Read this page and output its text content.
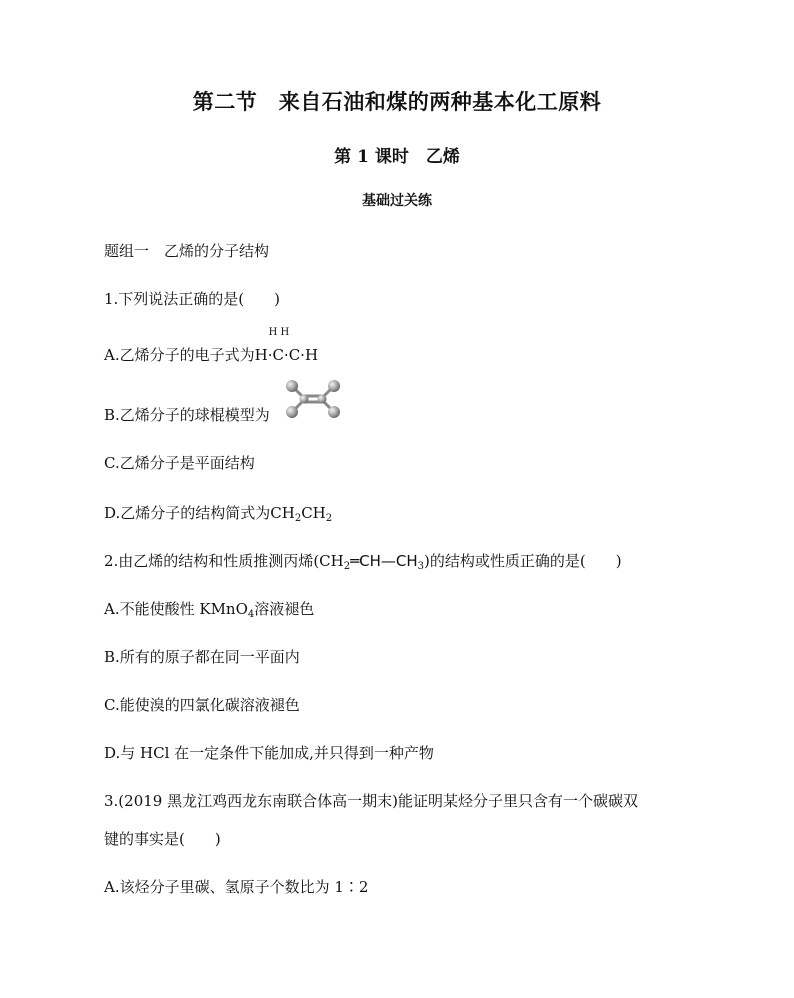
第二节　来自石油和煤的两种基本化工原料
第 1 课时　乙烯
基础过关练
题组一　乙烯的分子结构
1.下列说法正确的是(　　)
A.乙烯分子的电子式为
H H
H·C·C·H
B.乙烯分子的球棍模型为
C.乙烯分子是平面结构
D.乙烯分子的结构简式为$CH_2CH_2$
2.由乙烯的结构和性质推测丙烯$(CH_2═CH—CH_3)$的结构或性质正确的是(　　)
A.不能使酸性 KMnO$_4$溶液褪色
B.所有的原子都在同一平面内
C.能使溴的四氯化碳溶液褪色
D.与 HCl 在一定条件下能加成,并只得到一种产物
3.(2019 黑龙江鸡西龙东南联合体高一期末)能证明某烃分子里只含有一个碳碳双
键的事实是(　　)
A.该烃分子里碳、氢原子个数比为 1∶2
